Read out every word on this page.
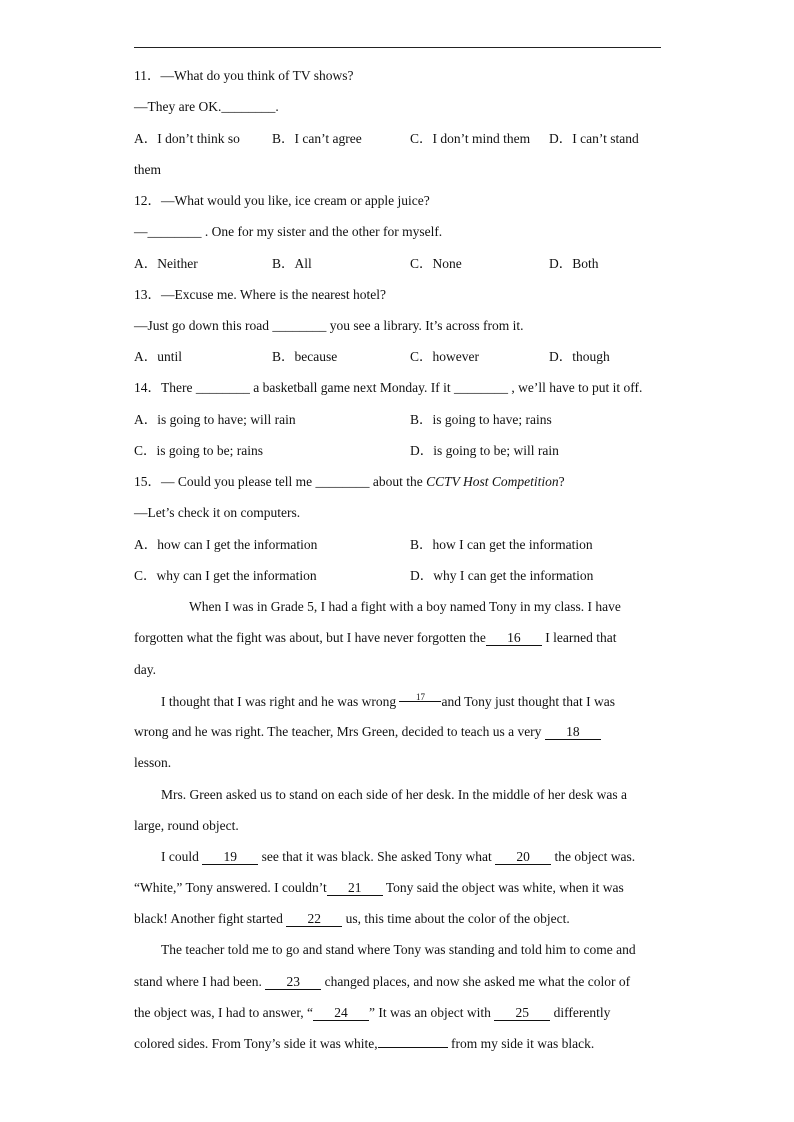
11．—What do you think of TV shows?
—They are OK.________.
A．I don’t think so B．I can’t agree	C．I don’t mind them D．I can’t stand
them
12．—What would you like, ice cream or apple juice?
—________ . One for my sister and the other for myself.
A．Neither	B．All	C．None	D．Both
13．—Excuse me. Where is the nearest hotel?
—Just go down this road ________ you see a library. It’s across from it.
A．until	B．because	C．however	D．though
14．There ________ a basketball game next Monday. If it ________ , we’ll have to put it off.
A．is going to have; will rain	B．is going to have; rains
C．is going to be; rains	D．is going to be; will rain
15．— Could you please tell me ________ about the CCTV Host Competition?
—Let’s check it on computers.
A．how can I get the information	B．how I can get the information
C．why can I get the information	D．why I can get the information
When I was in Grade 5, I had a fight with a boy named Tony in my class. I have
forgotten what the fight was about, but I have never forgotten the 16 I learned that
day.
I thought that I was right and he was wrong 17 and Tony just thought that I was
wrong and he was right. The teacher, Mrs Green, decided to teach us a very 18
lesson.
Mrs. Green asked us to stand on each side of her desk. In the middle of her desk was a
large, round object.
I could 19 see that it was black. She asked Tony what 20 the object was.
“White,” Tony answered. I couldn’t 21 Tony said the object was white, when it was
black! Another fight started 22 us, this time about the color of the object.
The teacher told me to go and stand where Tony was standing and told him to come and
stand where I had been. 23 changed places, and now she asked me what the color of
the object was, I had to answer, “ 24 ” It was an object with 25 differently
colored sides. From Tony’s side it was white,	from my side it was black.
